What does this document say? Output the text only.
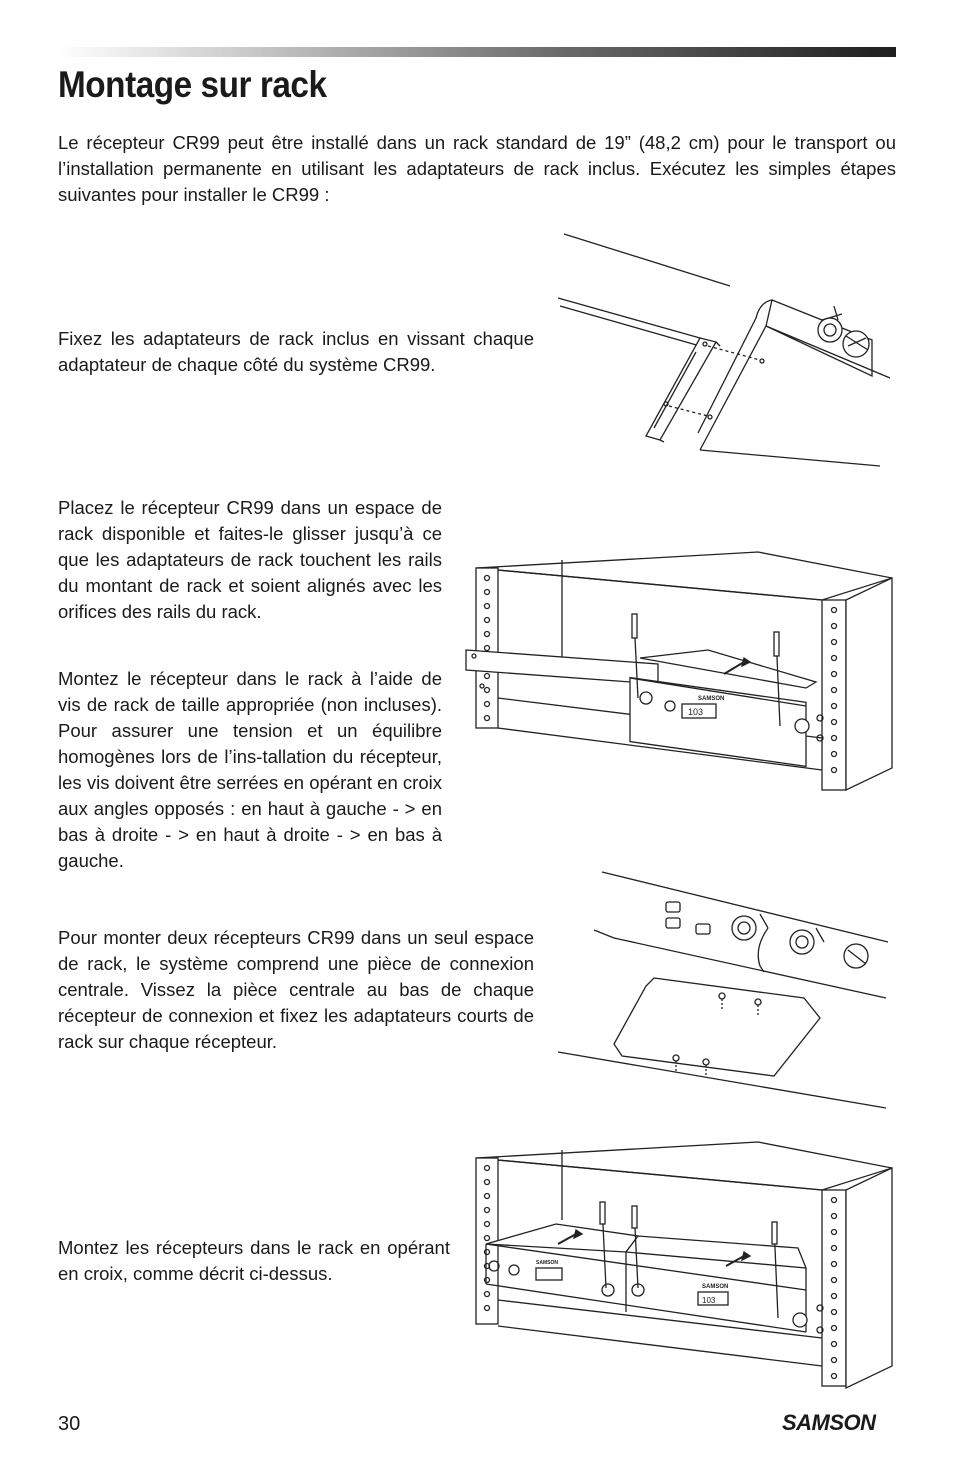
Montage sur rack

Le récepteur CR99 peut être installé dans un rack standard de 19” (48,2 cm) pour le transport ou l’installation permanente en utilisant les adaptateurs de rack inclus. Exécutez les simples étapes suivantes pour installer le CR99 :

Fixez les adaptateurs de rack inclus en vissant chaque adaptateur de chaque côté du système CR99.

Placez le récepteur CR99 dans un espace de rack disponible et faites-le glisser jusqu’à ce que les adaptateurs de rack touchent les rails du montant de rack et soient alignés avec les orifices des rails du rack.

Montez le récepteur dans le rack à l’aide de vis de rack de taille appropriée (non incluses). Pour assurer une tension et un équilibre homogènes lors de l’ins-tallation du récepteur, les vis doivent être serrées en opérant en croix aux angles opposés : en haut à gauche - > en bas à droite - > en haut à droite - > en bas à gauche.

SAMSON
103

Pour monter deux récepteurs CR99 dans un seul espace de rack, le système comprend une pièce de connexion centrale. Vissez la pièce centrale au bas de chaque récepteur de connexion et fixez les adaptateurs courts de rack sur chaque récepteur.

SAMSON
SAMSON
103

Montez les récepteurs dans le rack en opérant en croix, comme décrit ci-dessus.

30	SAMSON
